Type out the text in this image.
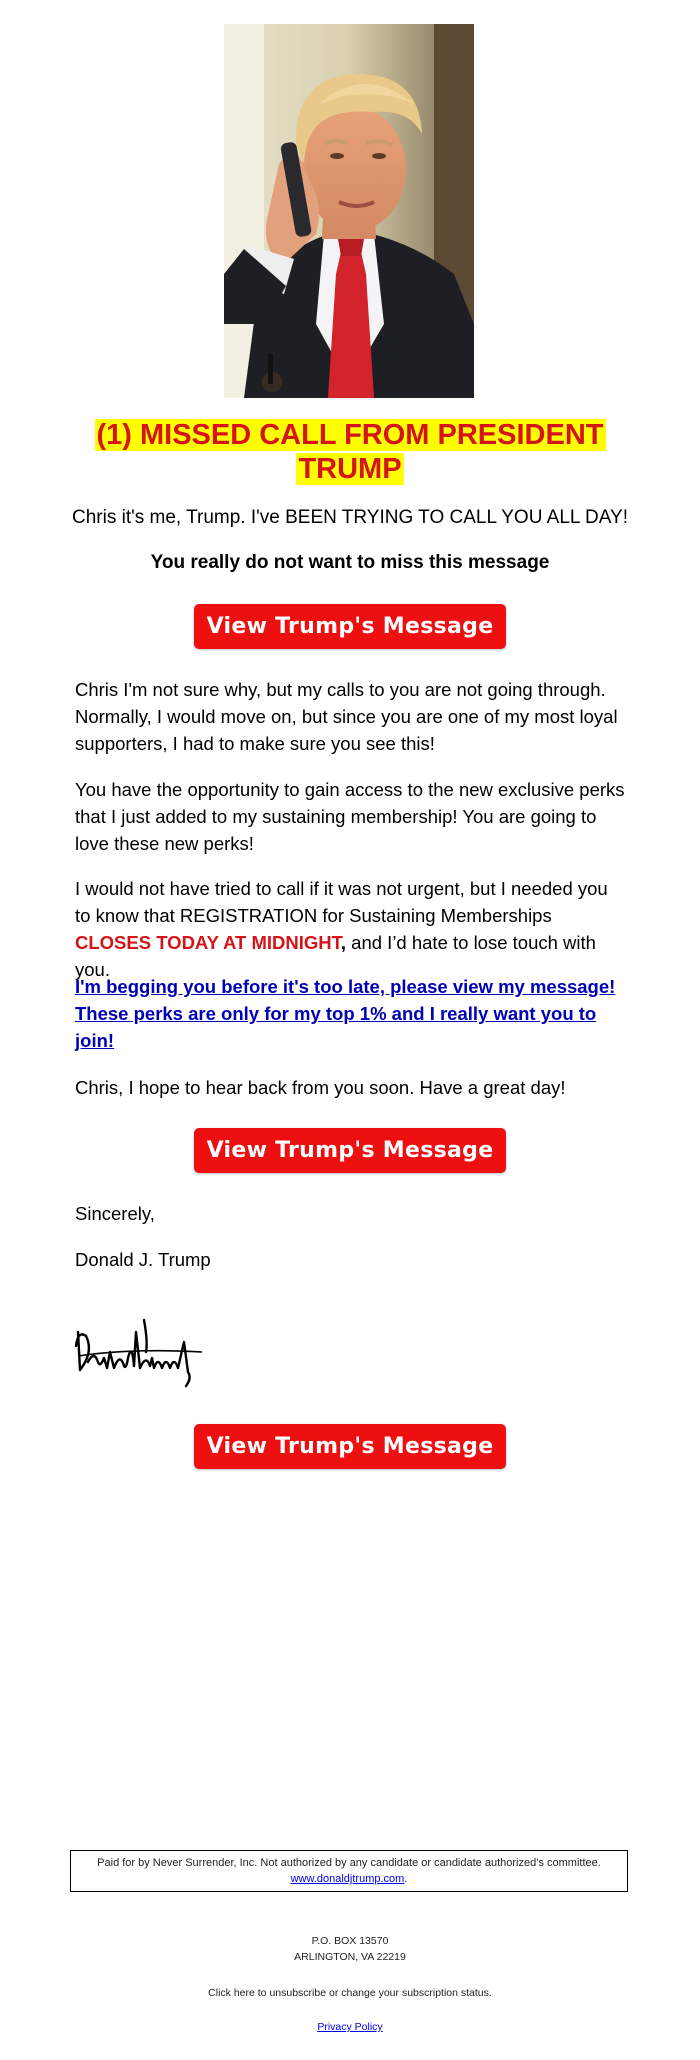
(1) MISSED CALL FROM PRESIDENT TRUMP
Chris it's me, Trump. I've BEEN TRYING TO CALL YOU ALL DAY!
You really do not want to miss this message
View Trump's Message

Chris I'm not sure why, but my calls to you are not going through. Normally, I would move on, but since you are one of my most loyal supporters, I had to make sure you see this!

You have the opportunity to gain access to the new exclusive perks that I just added to my sustaining membership! You are going to love these new perks!

I would not have tried to call if it was not urgent, but I needed you to know that REGISTRATION for Sustaining Memberships CLOSES TODAY AT MIDNIGHT, and I’d hate to lose touch with you.

I'm begging you before it's too late, please view my message! These perks are only for my top 1% and I really want you to join!

Chris, I hope to hear back from you soon. Have a great day!

View Trump's Message

Sincerely,

Donald J. Trump

View Trump's Message
Paid for by Never Surrender, Inc. Not authorized by any candidate or candidate authorized’s committee.
www.donaldjtrump.com.
P.O. BOX 13570
ARLINGTON, VA 22219
Click here to unsubscribe or change your subscription status.
Privacy Policy
